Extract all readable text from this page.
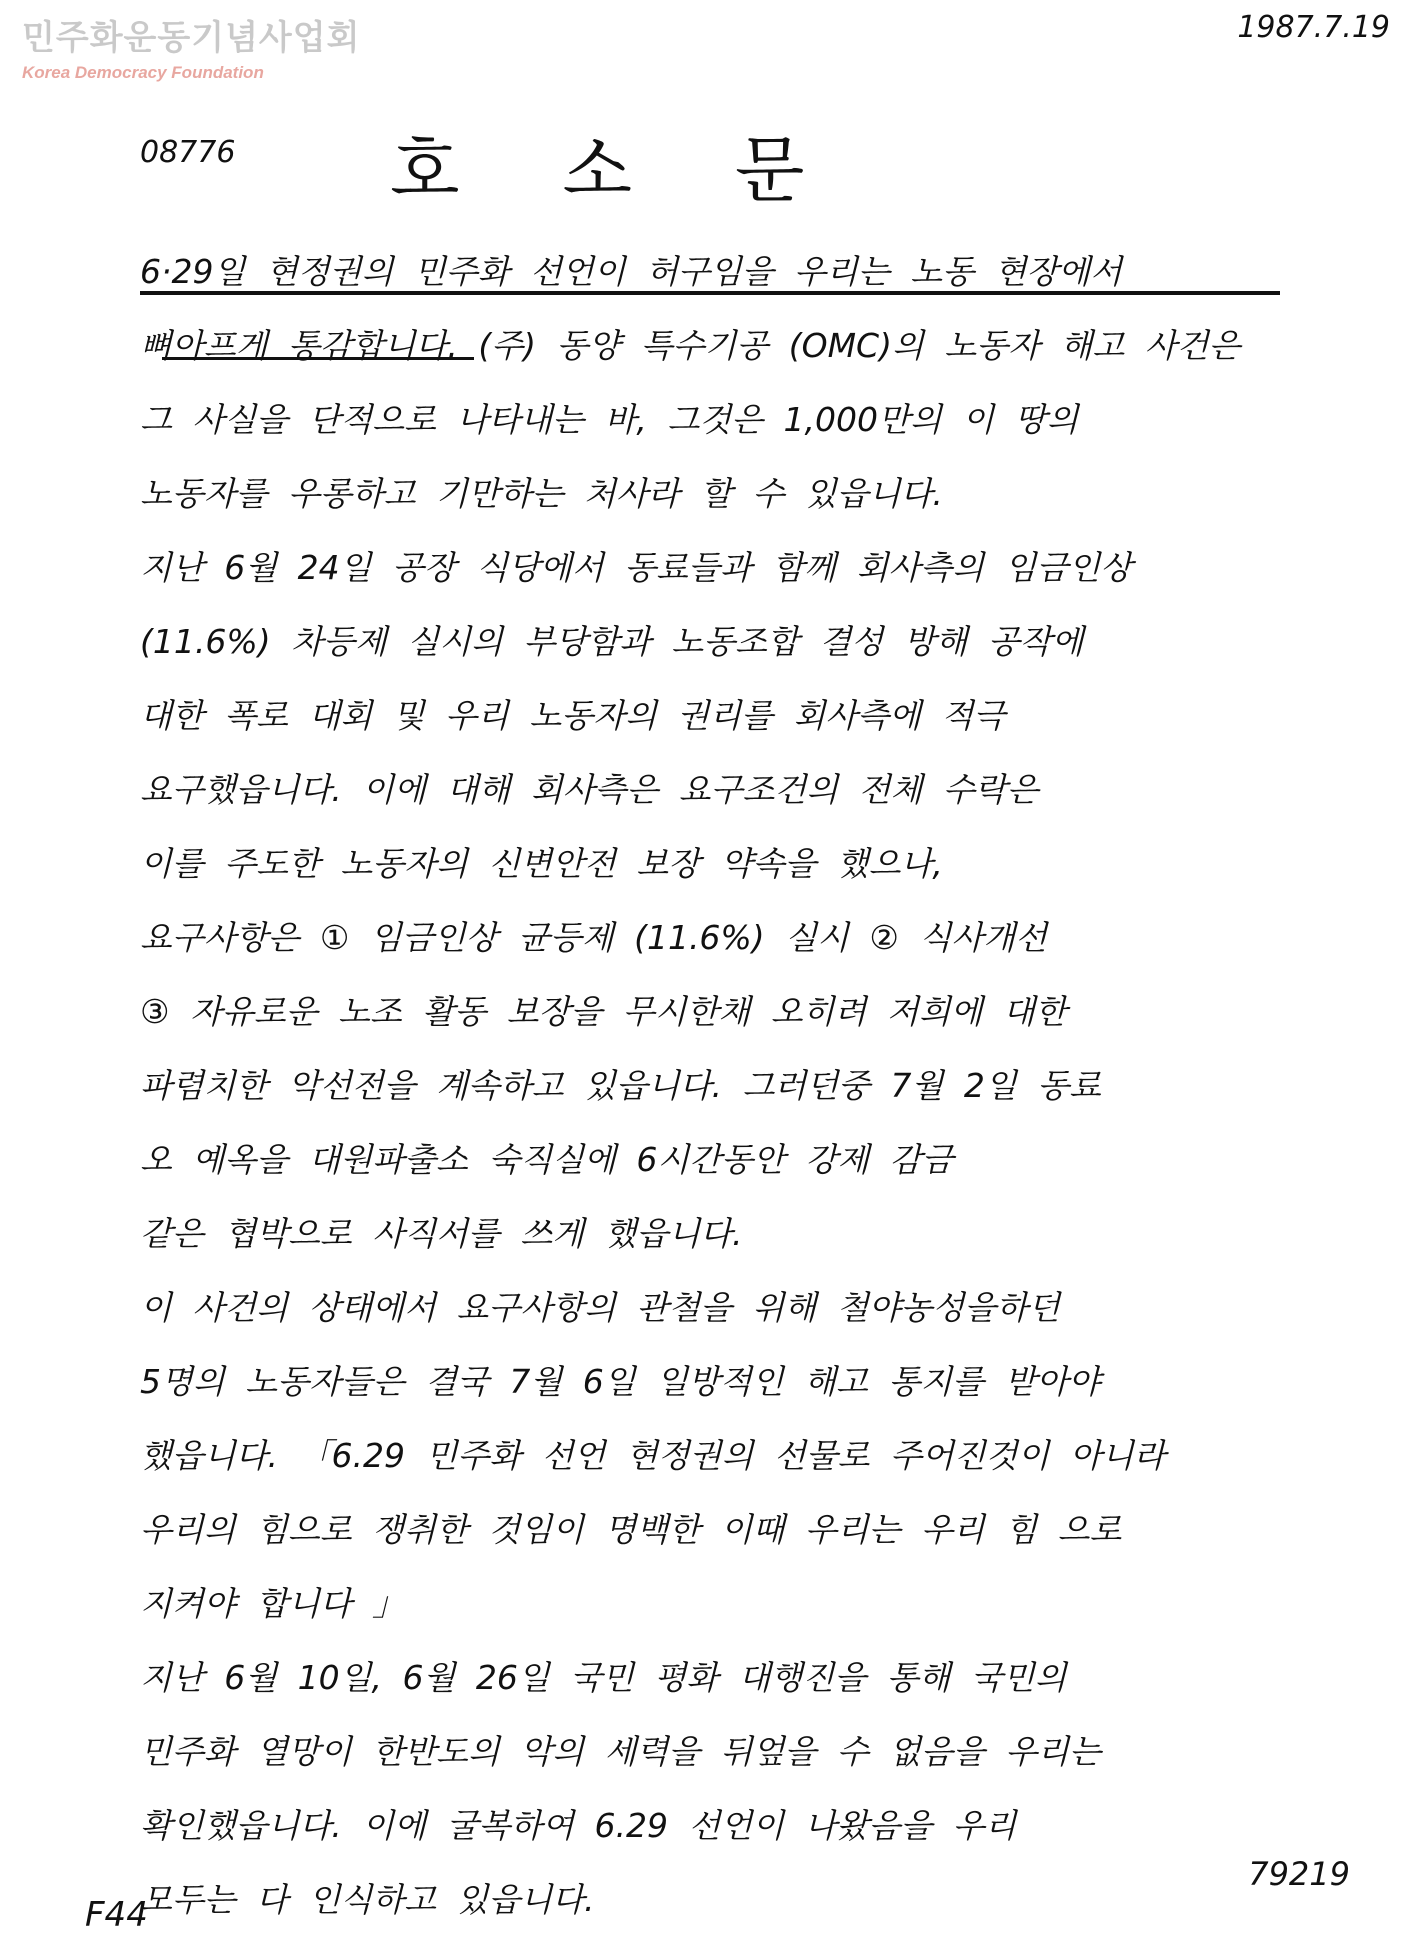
민주화운동기념사업회
Korea Democracy Foundation
1987.7.19
08776 호 소 문
6·29일 현정권의 민주화 선언이 허구임을 우리는 노동 현장에서
뼈아프게 통감합니다. (주) 동양 특수기공 (OMC)의 노동자 해고 사건은
그 사실을 단적으로 나타내는 바, 그것은 1,000만의 이 땅의
노동자를 우롱하고 기만하는 처사라 할 수 있읍니다.
지난 6월 24일 공장 식당에서 동료들과 함께 회사측의 임금인상
(11.6%) 차등제 실시의 부당함과 노동조합 결성 방해 공작에
대한 폭로 대회 및 우리 노동자의 권리를 회사측에 적극
요구했읍니다. 이에 대해 회사측은 요구조건의 전체 수락은
이를 주도한 노동자의 신변안전 보장 약속을 했으나,
요구사항은 ① 임금인상 균등제 (11.6%) 실시 ② 식사개선
③ 자유로운 노조 활동 보장을 무시한채 오히려 저희에 대한
파렴치한 악선전을 계속하고 있읍니다. 그러던중 7월 2일 동료
오 예옥을 대원파출소 숙직실에 6시간동안 강제 감금
같은 협박으로 사직서를 쓰게 했읍니다.
이 사건의 상태에서 요구사항의 관철을 위해 철야농성을하던
5명의 노동자들은 결국 7월 6일 일방적인 해고 통지를 받아야
했읍니다. 「6.29 민주화 선언 현정권의 선물로 주어진것이 아니라
우리의 힘으로 쟁취한 것임이 명백한 이때 우리는 우리 힘 으로
지켜야 합니다 」
지난 6월 10일, 6월 26일 국민 평화 대행진을 통해 국민의
민주화 열망이 한반도의 악의 세력을 뒤엎을 수 없음을 우리는
확인했읍니다. 이에 굴복하여 6.29 선언이 나왔음을 우리
모두는 다 인식하고 있읍니다.
79219
F44
